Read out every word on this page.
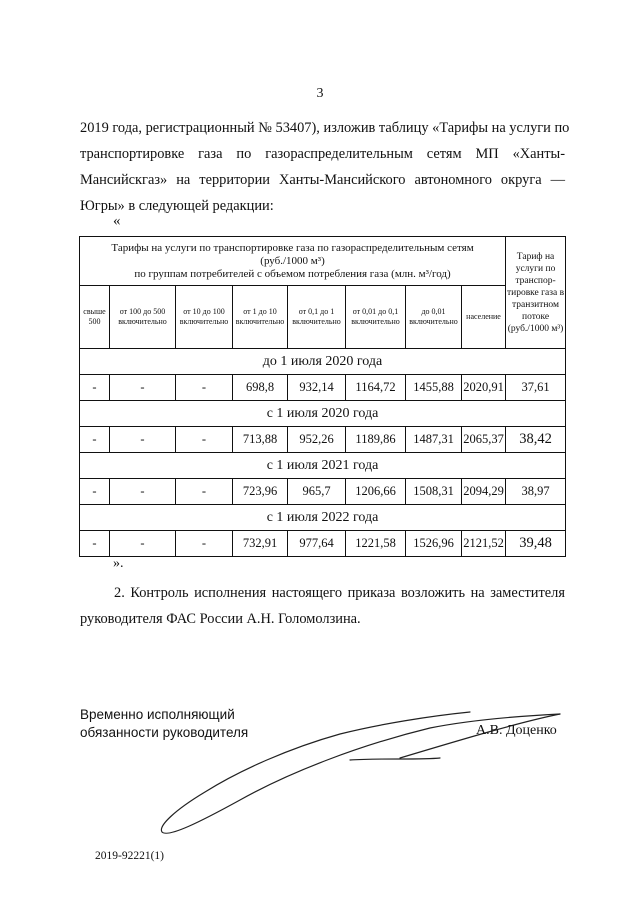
3
2019 года, регистрационный № 53407), изложив таблицу «Тарифы на услуги по
транспортировке газа по газораспределительным сетям МП «Ханты-
Мансийскгаз» на территории Ханты-Мансийского автономного округа —
Югры» в следующей редакции:
«
Тарифы на услуги по транспортировке газа по газораспределительным сетям
(руб./1000 м³)
по группам потребителей с объемом потребления газа (млн. м³/год)								Тариф на услуги по транспор-тировке газа в транзитном потоке (руб./1000 м³)
свыше 500	от 100 до 500 включительно	от 10 до 100 включительно	от 1 до 10 включительно	от 0,1 до 1 включительно	от 0,01 до 0,1 включительно	до 0,01 включительно	население	
до 1 июля 2020 года								
-	-	-	698,8	932,14	1164,72	1455,88	2020,91	37,61
с 1 июля 2020 года								
-	-	-	713,88	952,26	1189,86	1487,31	2065,37	38,42
с 1 июля 2021 года								
-	-	-	723,96	965,7	1206,66	1508,31	2094,29	38,97
с 1 июля 2022 года								
-	-	-	732,91	977,64	1221,58	1526,96	2121,52	39,48
».
2. Контроль исполнения настоящего приказа возложить на заместителя
руководителя ФАС России А.Н. Голомолзина.
Временно исполняющий
обязанности руководителя	А.В. Доценко
2019-92221(1)
